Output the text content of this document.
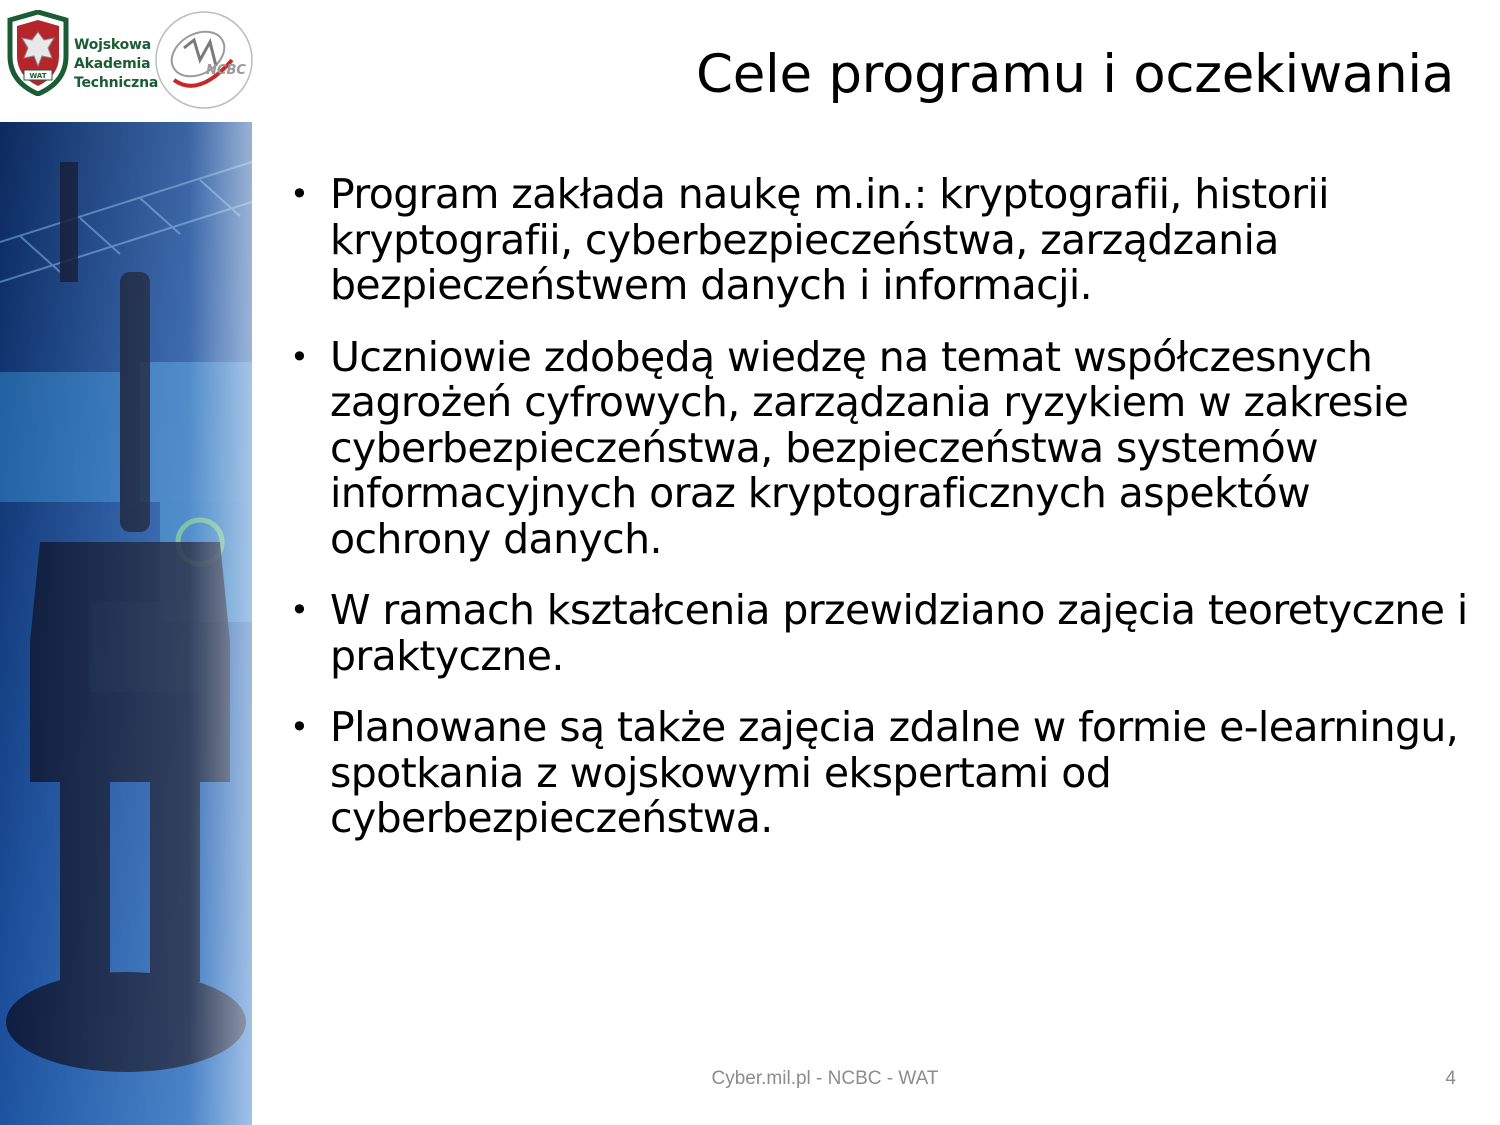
WAT
Wojskowa
Akademia
Techniczna
NCBC	Cele programu i oczekiwania
• Program zakłada naukę m.in.: kryptografii, historii kryptografii, cyberbezpieczeństwa, zarządzania bezpieczeństwem danych i informacji.
• Uczniowie zdobędą wiedzę na temat współczesnych zagrożeń cyfrowych, zarządzania ryzykiem w zakresie cyberbezpieczeństwa, bezpieczeństwa systemów informacyjnych oraz kryptograficznych aspektów ochrony danych.
• W ramach kształcenia przewidziano zajęcia teoretyczne i praktyczne.
• Planowane są także zajęcia zdalne w formie e-learningu, spotkania z wojskowymi ekspertami od cyberbezpieczeństwa.
Cyber.mil.pl - NCBC - WAT	4
